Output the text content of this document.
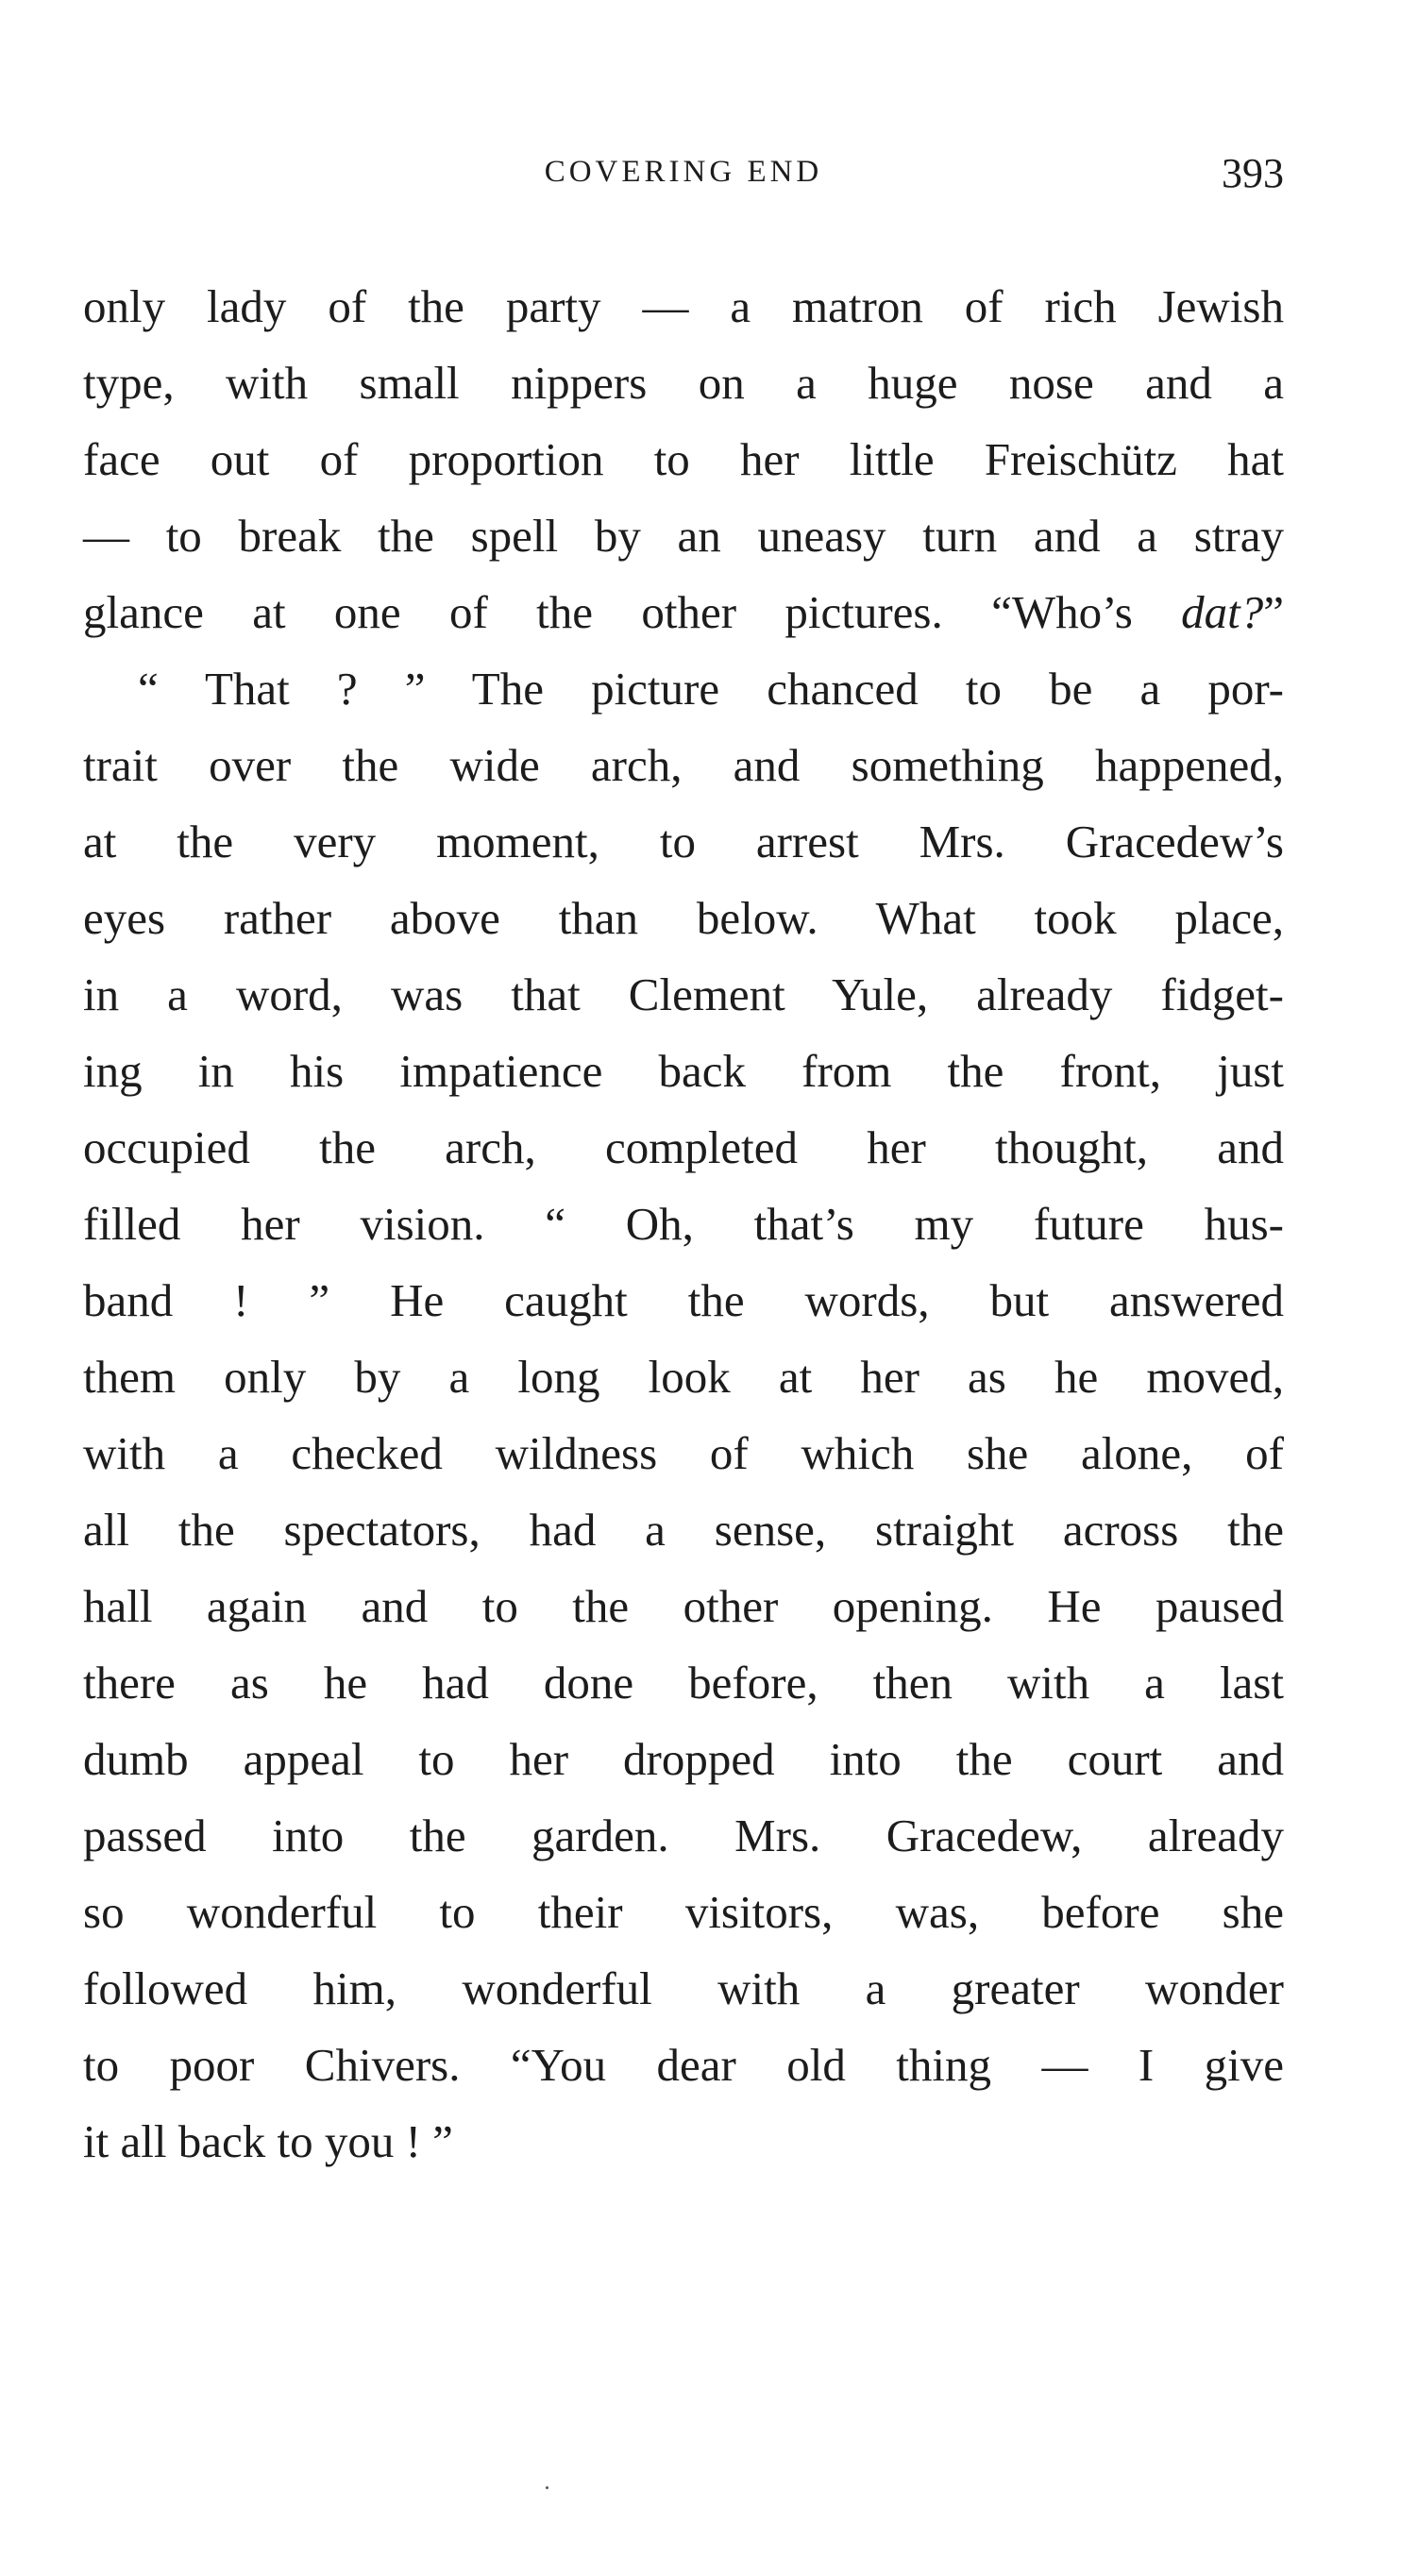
COVERING END	393
only lady of the party — a matron of rich Jewish
type, with small nippers on a huge nose and a
face out of proportion to her little Freischütz hat
— to break the spell by an uneasy turn and a stray
glance at one of the other pictures. “Who’s dat?”
“ That ? ” The picture chanced to be a por-
trait over the wide arch, and something happened,
at the very moment, to arrest Mrs. Gracedew’s
eyes rather above than below. What took place,
in a word, was that Clement Yule, already fidget-
ing in his impatience back from the front, just
occupied the arch, completed her thought, and
filled her vision. “ Oh, that’s my future hus-
band ! ” He caught the words, but answered
them only by a long look at her as he moved,
with a checked wildness of which she alone, of
all the spectators, had a sense, straight across the
hall again and to the other opening. He paused
there as he had done before, then with a last
dumb appeal to her dropped into the court and
passed into the garden. Mrs. Gracedew, already
so wonderful to their visitors, was, before she
followed him, wonderful with a greater wonder
to poor Chivers. “You dear old thing — I give
it all back to you ! ”
